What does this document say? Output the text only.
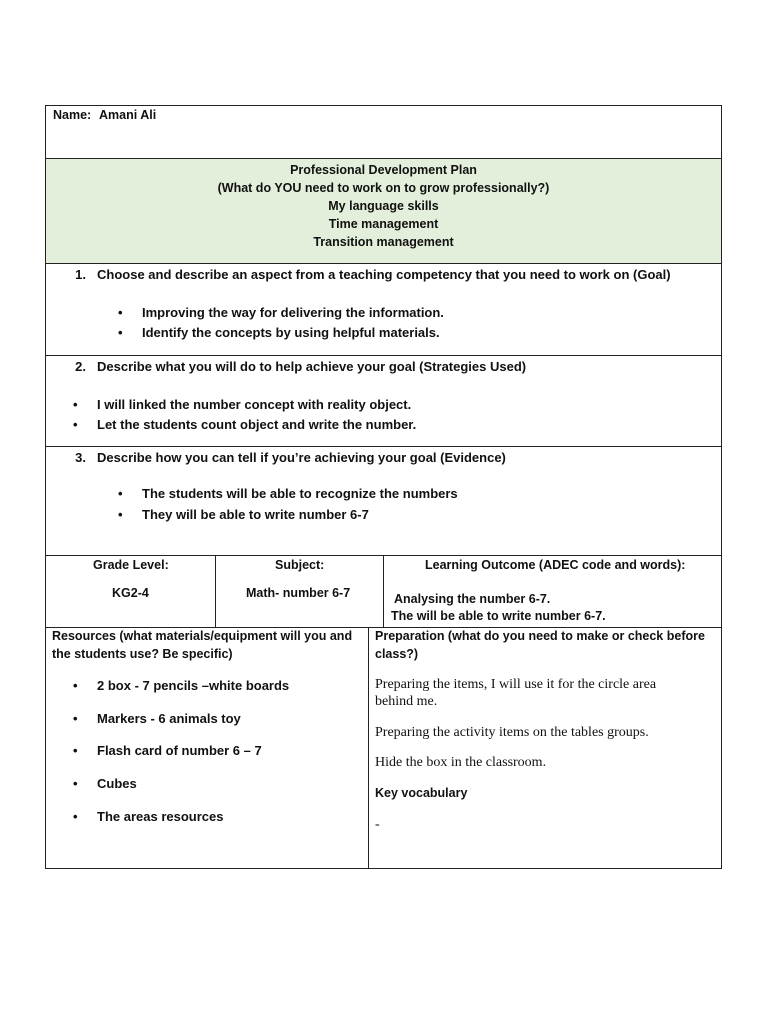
Name: Amani Ali
Professional Development Plan
(What do YOU need to work on to grow professionally?)
My language skills
Time management
Transition management
1. Choose and describe an aspect from a teaching competency that you need to work on (Goal)
• Improving the way for delivering the information.
• Identify the concepts by using helpful materials.
2. Describe what you will do to help achieve your goal (Strategies Used)
• I will linked the number concept with reality object.
• Let the students count object and write the number.
3. Describe how you can tell if you’re achieving your goal (Evidence)
• The students will be able to recognize the numbers
• They will be able to write number 6-7
Grade Level:
KG2-4
Subject:
Math- number 6-7
Learning Outcome (ADEC code and words):
Analysing the number 6-7.
The will be able to write number 6-7.
Resources (what materials/equipment will you and
the students use? Be specific)
• 2 box - 7 pencils –white boards
• Markers - 6 animals toy
• Flash card of number 6 – 7
• Cubes
• The areas resources
Preparation (what do you need to make or check before
class?)
Preparing the items, I will use it for the circle area
behind me.
Preparing the activity items on the tables groups.
Hide the box in the classroom.
Key vocabulary
-
